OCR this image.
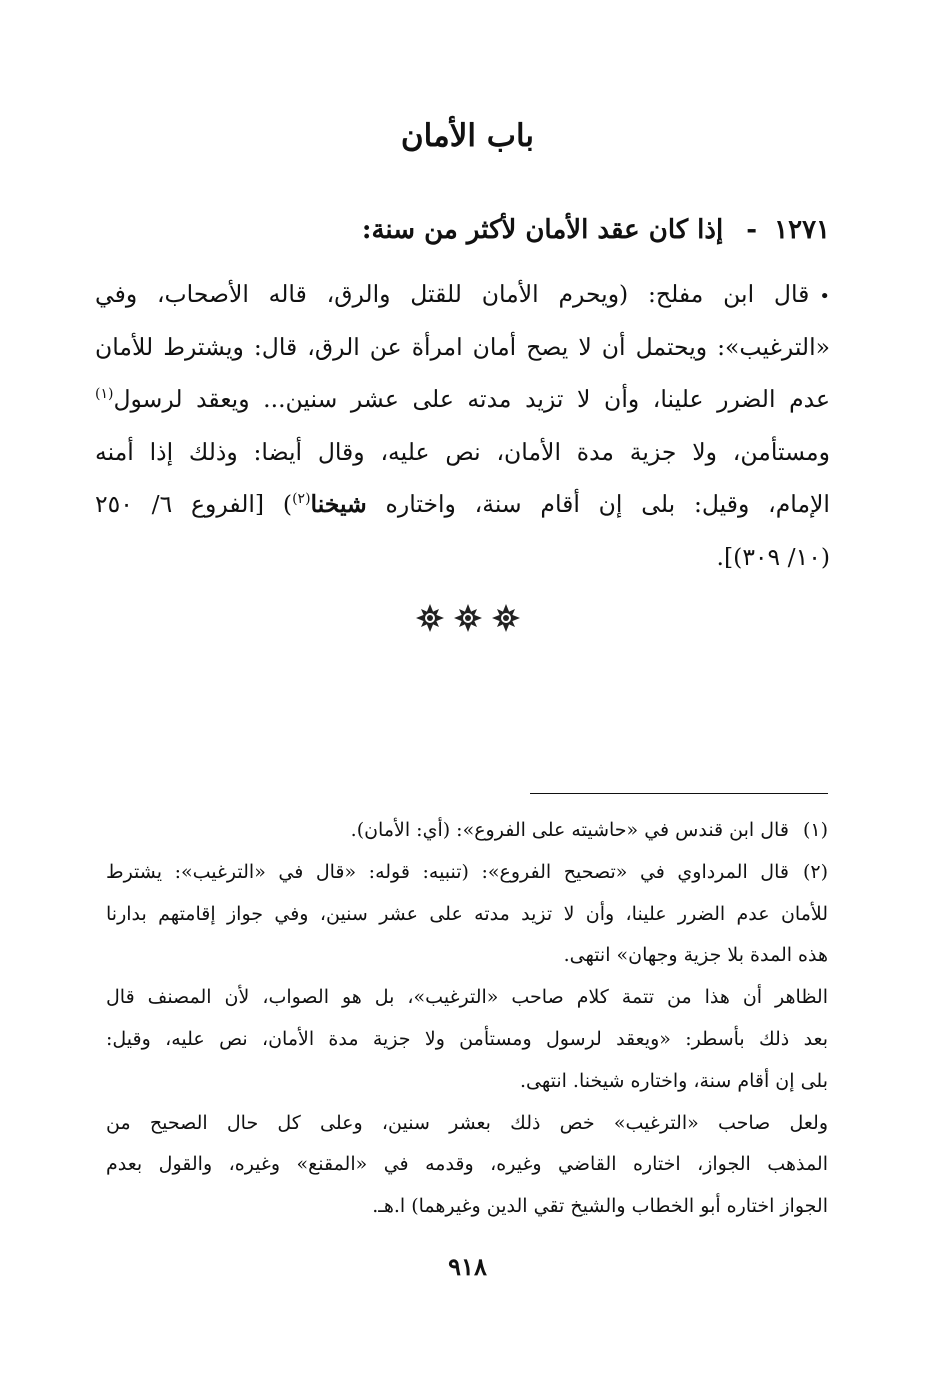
باب الأمان
١٢٧١ - إذا كان عقد الأمان لأكثر من سنة:
•قال ابن مفلح: (ويحرم الأمان للقتل والرق، قاله الأصحاب، وفي
«الترغيب»: ويحتمل أن لا يصح أمان امرأة عن الرق، قال: ويشترط للأمان
عدم الضرر علينا، وأن لا تزيد مدته على عشر سنين... ويعقد لرسول$^{(١)}$
ومستأمن، ولا جزية مدة الأمان، نص عليه، وقال أيضا: وذلك إذا أمنه
الإمام، وقيل: بلى إن أقام سنة، واختاره شيخنا$^{(٢)}$) [الفروع ٦/ ٢٥٠
(١٠/ ٣٠٩)].
(١)قال ابن قندس في «حاشيته على الفروع»: (أي: الأمان).
(٢)قال المرداوي في «تصحيح الفروع»: (تنبيه: قوله: «قال في «الترغيب»: يشترط
للأمان عدم الضرر علينا، وأن لا تزيد مدته على عشر سنين، وفي جواز إقامتهم بدارنا
هذه المدة بلا جزية وجهان» انتهى.
الظاهر أن هذا من تتمة كلام صاحب «الترغيب»، بل هو الصواب، لأن المصنف قال
بعد ذلك بأسطر: «ويعقد لرسول ومستأمن ولا جزية مدة الأمان، نص عليه، وقيل:
بلى إن أقام سنة، واختاره شيخنا. انتهى.
ولعل صاحب «الترغيب» خص ذلك بعشر سنين، وعلى كل حال الصحيح من
المذهب الجواز، اختاره القاضي وغيره، وقدمه في «المقنع» وغيره، والقول بعدم
الجواز اختاره أبو الخطاب والشيخ تقي الدين وغيرهما) ا.هـ.
٩١٨
